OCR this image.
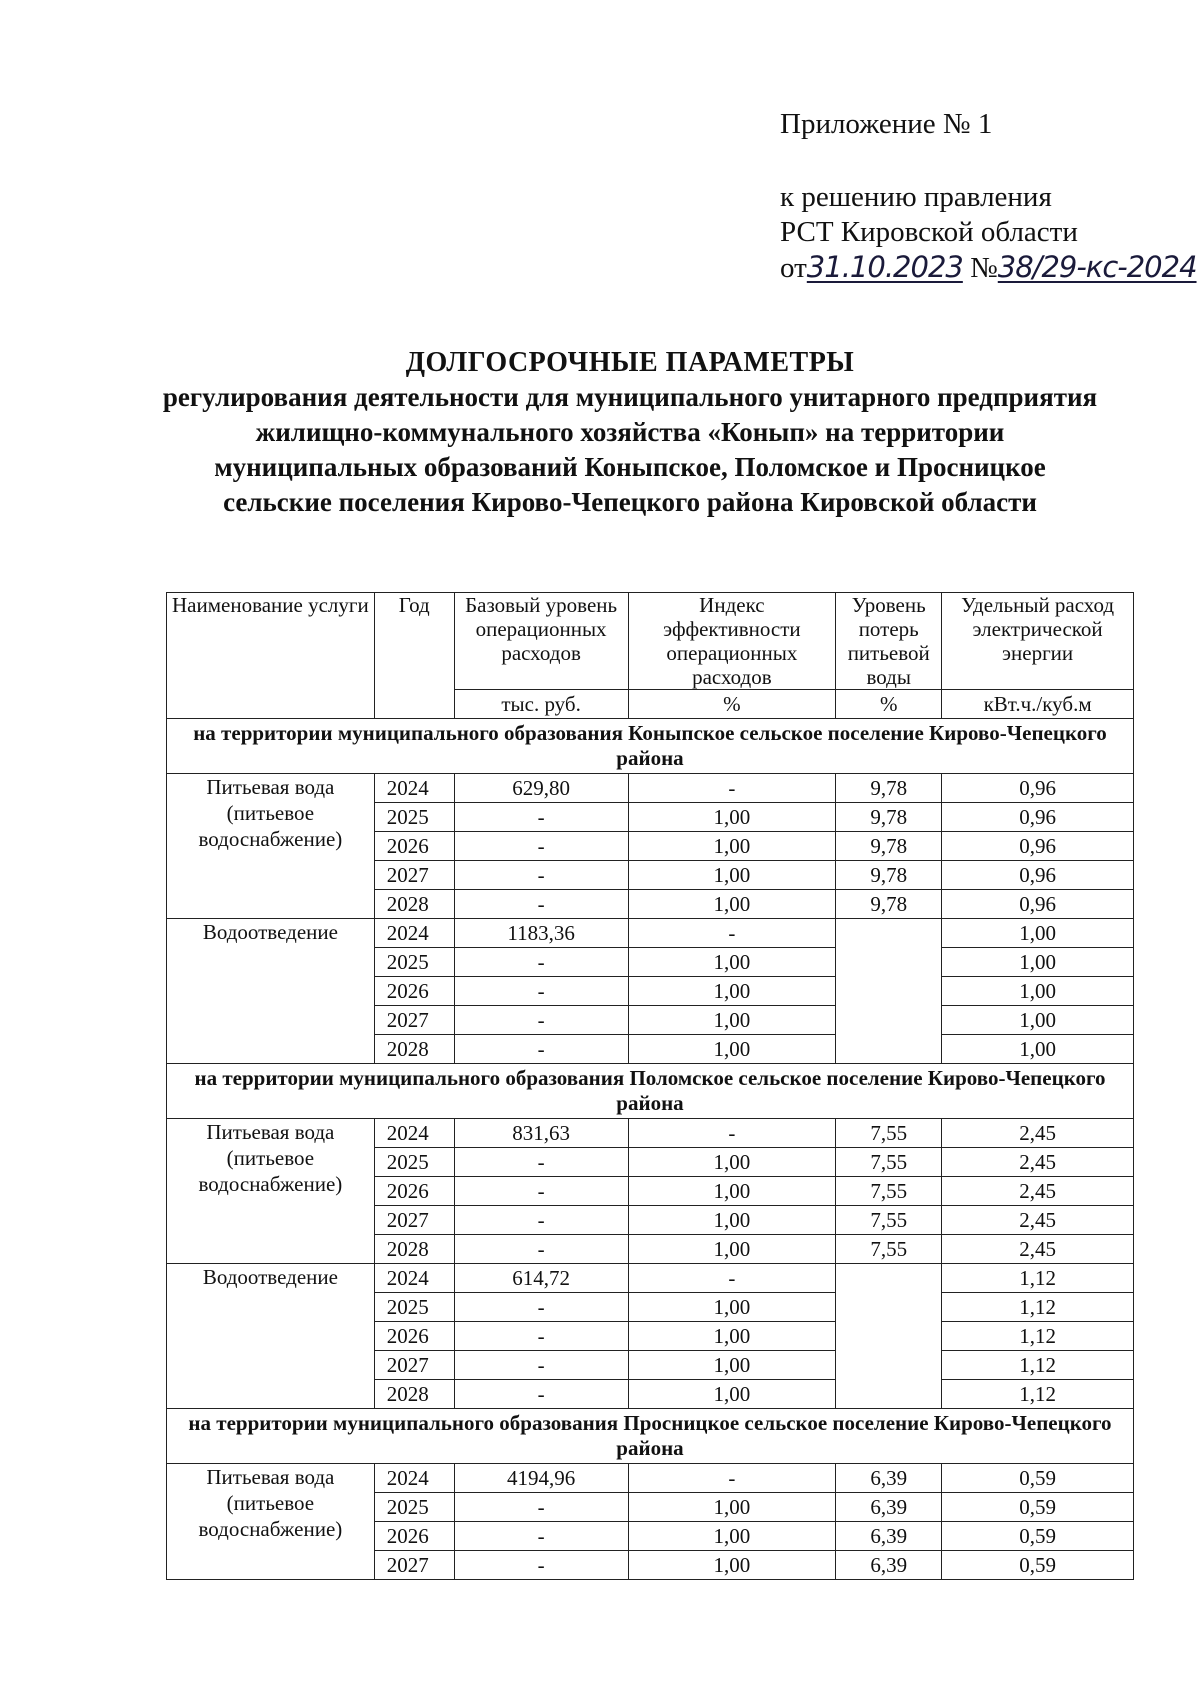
Приложение № 1
к решению правления
РСТ Кировской области
от31.10.2023 №38/29-кс-2024
ДОЛГОСРОЧНЫЕ ПАРАМЕТРЫ
регулирования деятельности для муниципального унитарного предприятия жилищно-коммунального хозяйства «Конып» на территории муниципальных образований Коныпское, Поломское и Просницкое сельские поселения Кирово-Чепецкого района Кировской области
Наименование услуги	Год	Базовый уровень операционных расходов	Индекс эффективности операционных расходов	Уровень потерь питьевой воды	Удельный расход электрической энергии
		тыс. руб.	%	%	кВт.ч./куб.м
на территории муниципального образования Коныпское сельское поселение Кирово-Чепецкого района					
Питьевая вода (питьевое водоснабжение)	2024	629,80	-	9,78	0,96
	2025	-	1,00	9,78	0,96
	2026	-	1,00	9,78	0,96
	2027	-	1,00	9,78	0,96
	2028	-	1,00	9,78	0,96
Водоотведение	2024	1183,36	-		1,00
	2025	-	1,00		1,00
	2026	-	1,00		1,00
	2027	-	1,00		1,00
	2028	-	1,00		1,00
на территории муниципального образования Поломское сельское поселение Кирово-Чепецкого района					
Питьевая вода (питьевое водоснабжение)	2024	831,63	-	7,55	2,45
	2025	-	1,00	7,55	2,45
	2026	-	1,00	7,55	2,45
	2027	-	1,00	7,55	2,45
	2028	-	1,00	7,55	2,45
Водоотведение	2024	614,72	-		1,12
	2025	-	1,00		1,12
	2026	-	1,00		1,12
	2027	-	1,00		1,12
	2028	-	1,00		1,12
на территории муниципального образования Просницкое сельское поселение Кирово-Чепецкого района					
Питьевая вода (питьевое водоснабжение)	2024	4194,96	-	6,39	0,59
	2025	-	1,00	6,39	0,59
	2026	-	1,00	6,39	0,59
	2027	-	1,00	6,39	0,59
